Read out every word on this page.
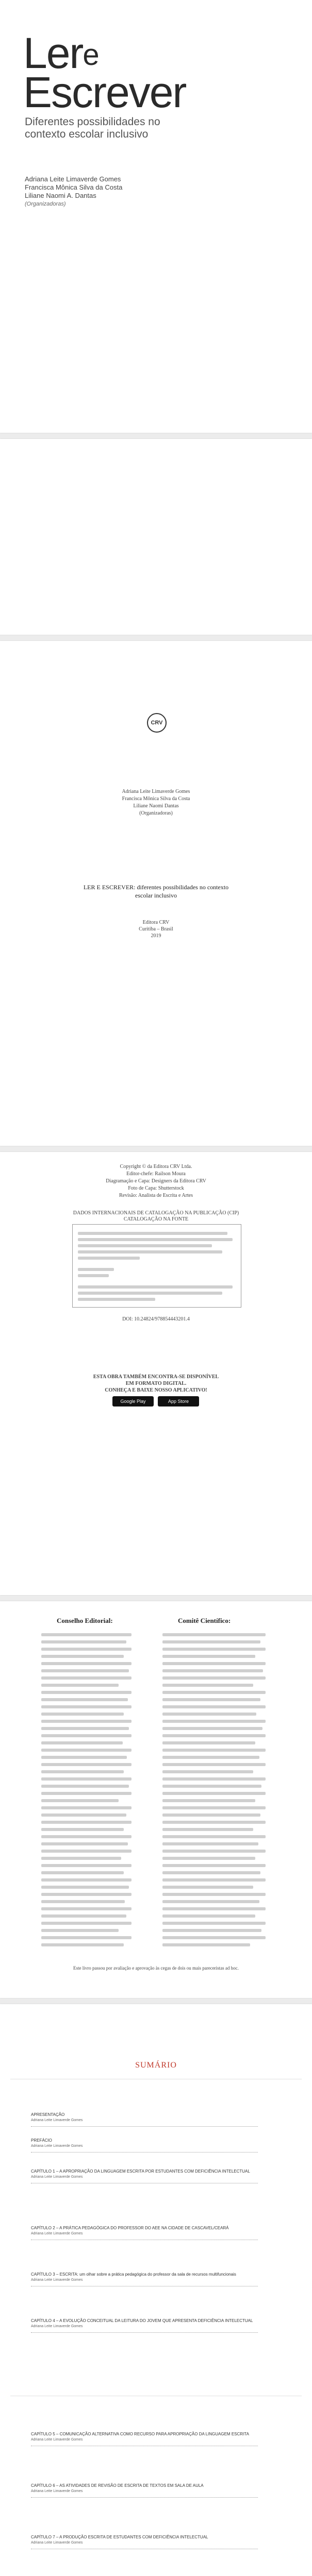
Lere
Escrever
Diferentes possibilidades no contexto escolar inclusivo
Adriana Leite Limaverde Gomes
Francisca Mônica Silva da Costa
Liliane Naomi A. Dantas
(Organizadoras)
CRV
Adriana Leite Limaverde Gomes
Francisca Mônica Silva da Costa
Liliane Naomi Dantas
(Organizadoras)
LER E ESCREVER: diferentes possibilidades no contexto escolar inclusivo
Editora CRV
Curitiba – Brasil
2019
Copyright © da Editora CRV Ltda.
Editor-chefe: Railson Moura
Diagramação e Capa: Designers da Editora CRV
Foto de Capa: Shutterstock
Revisão: Analista de Escrita e Artes
DADOS INTERNACIONAIS DE CATALOGAÇÃO NA PUBLICAÇÃO (CIP)
CATALOGAÇÃO NA FONTE
DOI: 10.24824/978854443201.4
ESTA OBRA TAMBÉM ENCONTRA-SE DISPONÍVEL
EM FORMATO DIGITAL.
CONHEÇA E BAIXE NOSSO APLICATIVO!
Google Play	App Store
Conselho Editorial:	Comitê Científico:
Este livro passou por avaliação e aprovação às cegas de dois ou mais pareceristas ad hoc.
SUMÁRIO
APRESENTAÇÃO
Adriana Leite Limaverde Gomes
PREFÁCIO
Adriana Leite Limaverde Gomes
CAPÍTULO 1 – A APROPRIAÇÃO DA LINGUAGEM ESCRITA POR ESTUDANTES COM DEFICIÊNCIA INTELECTUAL
Adriana Leite Limaverde Gomes
CAPÍTULO 2 – A PRÁTICA PEDAGÓGICA DO PROFESSOR DO AEE NA CIDADE DE CASCAVEL/CEARÁ
Adriana Leite Limaverde Gomes
CAPÍTULO 3 – ESCRITA: um olhar sobre a prática pedagógica do professor da sala de recursos multifuncionais
Adriana Leite Limaverde Gomes
CAPÍTULO 4 – A EVOLUÇÃO CONCEITUAL DA LEITURA DO JOVEM QUE APRESENTA DEFICIÊNCIA INTELECTUAL
Adriana Leite Limaverde Gomes
CAPÍTULO 5 – COMUNICAÇÃO ALTERNATIVA COMO RECURSO PARA APROPRIAÇÃO DA LINGUAGEM ESCRITA
Adriana Leite Limaverde Gomes
CAPÍTULO 6 – AS ATIVIDADES DE REVISÃO DE ESCRITA DE TEXTOS EM SALA DE AULA
Adriana Leite Limaverde Gomes
CAPÍTULO 7 – A PRODUÇÃO ESCRITA DE ESTUDANTES COM DEFICIÊNCIA INTELECTUAL
Adriana Leite Limaverde Gomes
